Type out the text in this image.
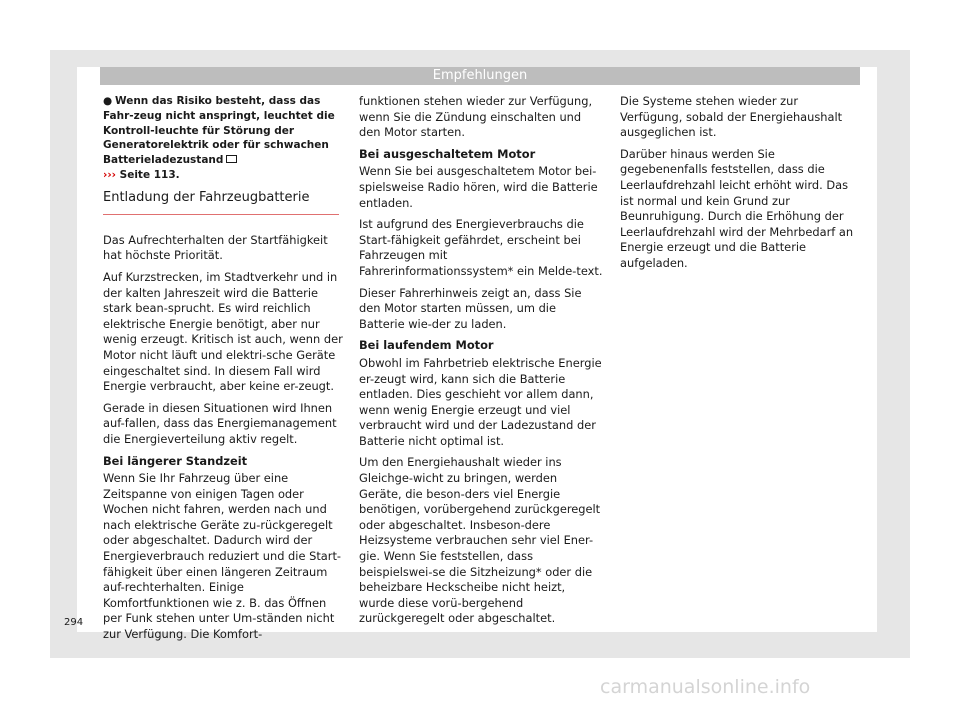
Empfehlungen

● Wenn das Risiko besteht, dass das Fahr-zeug nicht anspringt, leuchtet die Kontroll-leuchte für Störung der Generatorelektrik oder für schwachen Batterieladezustand
››› Seite 113.

Entladung der Fahrzeugbatterie

Das Aufrechterhalten der Startfähigkeit hat höchste Priorität.

Auf Kurzstrecken, im Stadtverkehr und in der kalten Jahreszeit wird die Batterie stark bean-sprucht. Es wird reichlich elektrische Energie benötigt, aber nur wenig erzeugt. Kritisch ist auch, wenn der Motor nicht läuft und elektri-sche Geräte eingeschaltet sind. In diesem Fall wird Energie verbraucht, aber keine er-zeugt.

Gerade in diesen Situationen wird Ihnen auf-fallen, dass das Energiemanagement die Energieverteilung aktiv regelt.

Bei längerer Standzeit

Wenn Sie Ihr Fahrzeug über eine Zeitspanne von einigen Tagen oder Wochen nicht fahren, werden nach und nach elektrische Geräte zu-rückgeregelt oder abgeschaltet. Dadurch wird der Energieverbrauch reduziert und die Start-fähigkeit über einen längeren Zeitraum auf-rechterhalten. Einige Komfortfunktionen wie z. B. das Öffnen per Funk stehen unter Um-ständen nicht zur Verfügung. Die Komfort-

funktionen stehen wieder zur Verfügung, wenn Sie die Zündung einschalten und den Motor starten.

Bei ausgeschaltetem Motor

Wenn Sie bei ausgeschaltetem Motor bei-spielsweise Radio hören, wird die Batterie entladen.

Ist aufgrund des Energieverbrauchs die Start-fähigkeit gefährdet, erscheint bei Fahrzeugen mit Fahrerinformationssystem* ein Melde-text.

Dieser Fahrerhinweis zeigt an, dass Sie den Motor starten müssen, um die Batterie wie-der zu laden.

Bei laufendem Motor

Obwohl im Fahrbetrieb elektrische Energie er-zeugt wird, kann sich die Batterie entladen. Dies geschieht vor allem dann, wenn wenig Energie erzeugt und viel verbraucht wird und der Ladezustand der Batterie nicht optimal ist.

Um den Energiehaushalt wieder ins Gleichge-wicht zu bringen, werden Geräte, die beson-ders viel Energie benötigen, vorübergehend zurückgeregelt oder abgeschaltet. Insbeson-dere Heizsysteme verbrauchen sehr viel Ener-gie. Wenn Sie feststellen, dass beispielswei-se die Sitzheizung* oder die beheizbare Heckscheibe nicht heizt, wurde diese vorü-bergehend zurückgeregelt oder abgeschaltet.

Die Systeme stehen wieder zur Verfügung, sobald der Energiehaushalt ausgeglichen ist.

Darüber hinaus werden Sie gegebenenfalls feststellen, dass die Leerlaufdrehzahl leicht erhöht wird. Das ist normal und kein Grund zur Beunruhigung. Durch die Erhöhung der Leerlaufdrehzahl wird der Mehrbedarf an Energie erzeugt und die Batterie aufgeladen.

294
carmanualsonline.info
